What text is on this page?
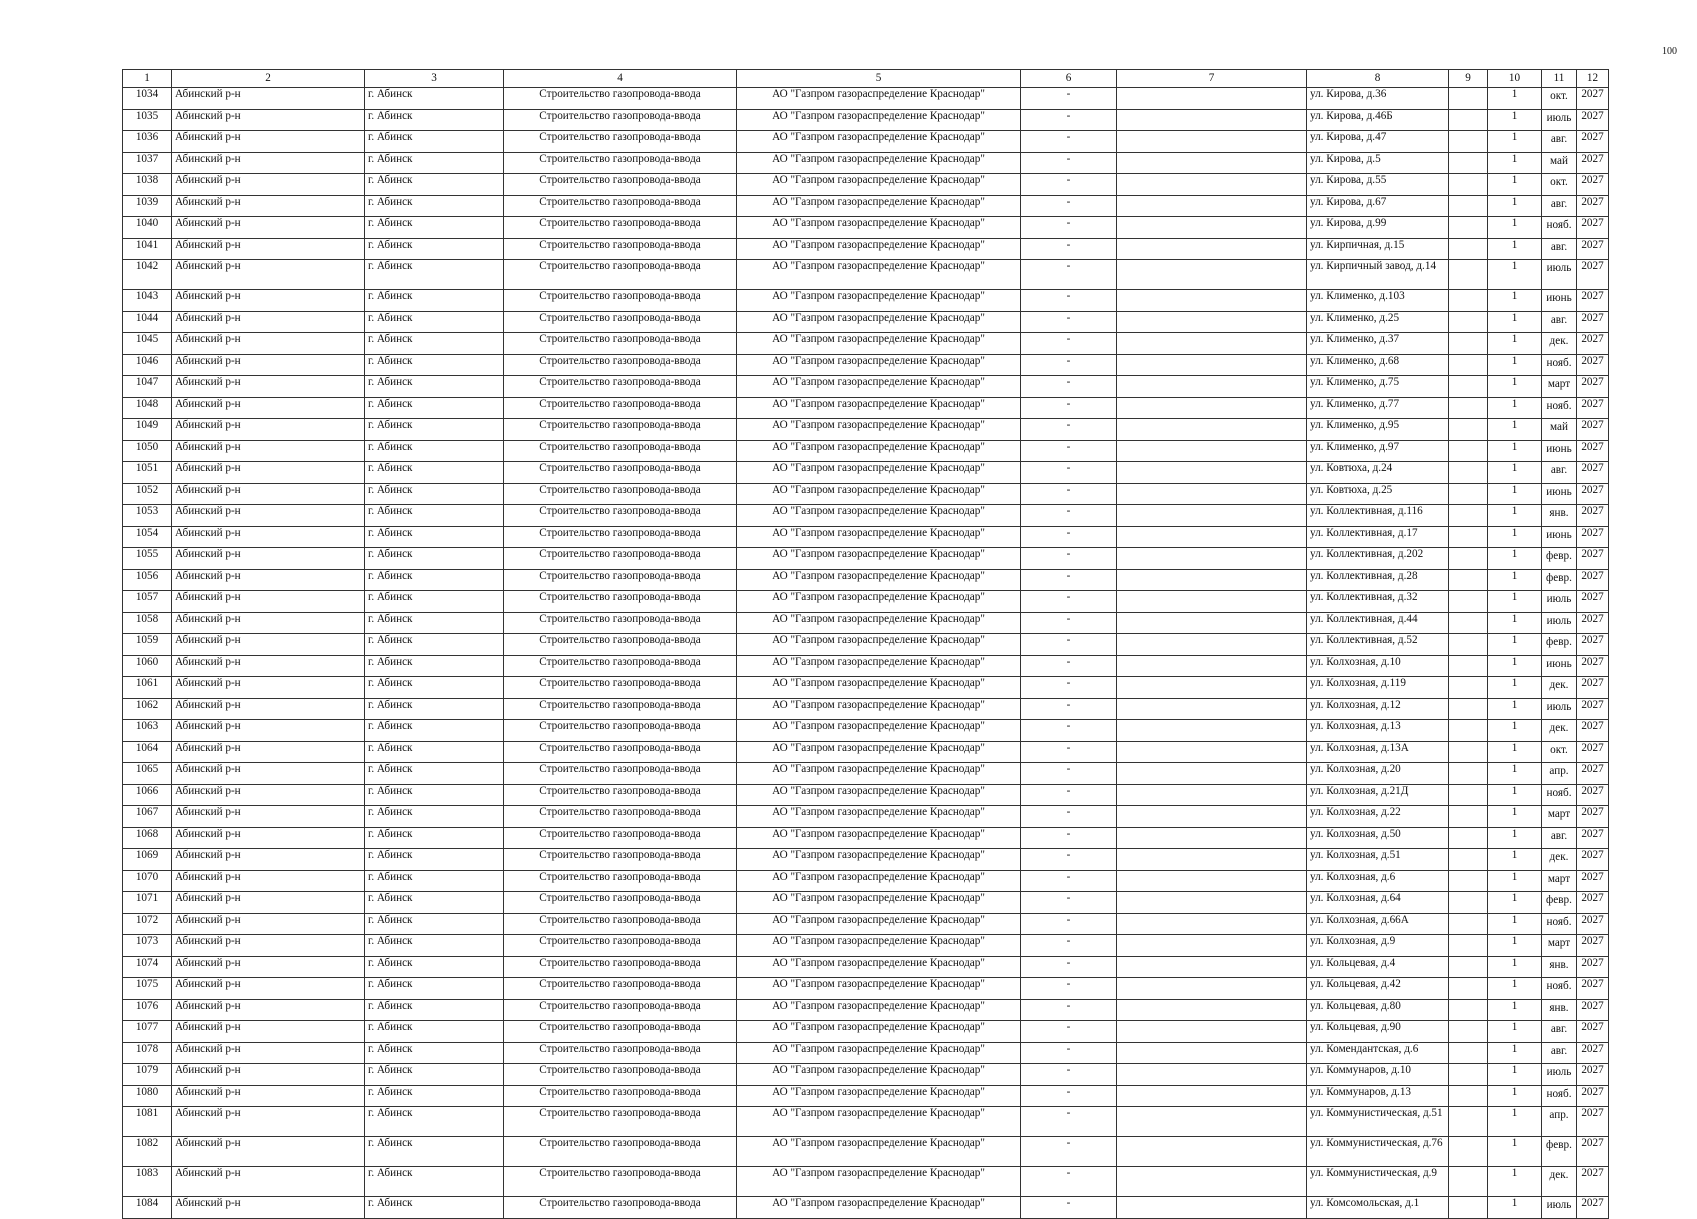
100
1	2	3	4	5	6	7	8	9	10	11	12
1034	Абинский р-н	г. Абинск	Строительство газопровода-ввода	АО "Газпром газораспределение Краснодар"	-		ул. Кирова, д.36		1	окт.	2027
1035	Абинский р-н	г. Абинск	Строительство газопровода-ввода	АО "Газпром газораспределение Краснодар"	-		ул. Кирова, д.46Б		1	июль	2027
1036	Абинский р-н	г. Абинск	Строительство газопровода-ввода	АО "Газпром газораспределение Краснодар"	-		ул. Кирова, д.47		1	авг.	2027
1037	Абинский р-н	г. Абинск	Строительство газопровода-ввода	АО "Газпром газораспределение Краснодар"	-		ул. Кирова, д.5		1	май	2027
1038	Абинский р-н	г. Абинск	Строительство газопровода-ввода	АО "Газпром газораспределение Краснодар"	-		ул. Кирова, д.55		1	окт.	2027
1039	Абинский р-н	г. Абинск	Строительство газопровода-ввода	АО "Газпром газораспределение Краснодар"	-		ул. Кирова, д.67		1	авг.	2027
1040	Абинский р-н	г. Абинск	Строительство газопровода-ввода	АО "Газпром газораспределение Краснодар"	-		ул. Кирова, д.99		1	нояб.	2027
1041	Абинский р-н	г. Абинск	Строительство газопровода-ввода	АО "Газпром газораспределение Краснодар"	-		ул. Кирпичная, д.15		1	авг.	2027
1042	Абинский р-н	г. Абинск	Строительство газопровода-ввода	АО "Газпром газораспределение Краснодар"	-		ул. Кирпичный завод, д.14		1	июль	2027
1043	Абинский р-н	г. Абинск	Строительство газопровода-ввода	АО "Газпром газораспределение Краснодар"	-		ул. Клименко, д.103		1	июнь	2027
1044	Абинский р-н	г. Абинск	Строительство газопровода-ввода	АО "Газпром газораспределение Краснодар"	-		ул. Клименко, д.25		1	авг.	2027
1045	Абинский р-н	г. Абинск	Строительство газопровода-ввода	АО "Газпром газораспределение Краснодар"	-		ул. Клименко, д.37		1	дек.	2027
1046	Абинский р-н	г. Абинск	Строительство газопровода-ввода	АО "Газпром газораспределение Краснодар"	-		ул. Клименко, д.68		1	нояб.	2027
1047	Абинский р-н	г. Абинск	Строительство газопровода-ввода	АО "Газпром газораспределение Краснодар"	-		ул. Клименко, д.75		1	март	2027
1048	Абинский р-н	г. Абинск	Строительство газопровода-ввода	АО "Газпром газораспределение Краснодар"	-		ул. Клименко, д.77		1	нояб.	2027
1049	Абинский р-н	г. Абинск	Строительство газопровода-ввода	АО "Газпром газораспределение Краснодар"	-		ул. Клименко, д.95		1	май	2027
1050	Абинский р-н	г. Абинск	Строительство газопровода-ввода	АО "Газпром газораспределение Краснодар"	-		ул. Клименко, д.97		1	июнь	2027
1051	Абинский р-н	г. Абинск	Строительство газопровода-ввода	АО "Газпром газораспределение Краснодар"	-		ул. Ковтюха, д.24		1	авг.	2027
1052	Абинский р-н	г. Абинск	Строительство газопровода-ввода	АО "Газпром газораспределение Краснодар"	-		ул. Ковтюха, д.25		1	июнь	2027
1053	Абинский р-н	г. Абинск	Строительство газопровода-ввода	АО "Газпром газораспределение Краснодар"	-		ул. Коллективная, д.116		1	янв.	2027
1054	Абинский р-н	г. Абинск	Строительство газопровода-ввода	АО "Газпром газораспределение Краснодар"	-		ул. Коллективная, д.17		1	июнь	2027
1055	Абинский р-н	г. Абинск	Строительство газопровода-ввода	АО "Газпром газораспределение Краснодар"	-		ул. Коллективная, д.202		1	февр.	2027
1056	Абинский р-н	г. Абинск	Строительство газопровода-ввода	АО "Газпром газораспределение Краснодар"	-		ул. Коллективная, д.28		1	февр.	2027
1057	Абинский р-н	г. Абинск	Строительство газопровода-ввода	АО "Газпром газораспределение Краснодар"	-		ул. Коллективная, д.32		1	июль	2027
1058	Абинский р-н	г. Абинск	Строительство газопровода-ввода	АО "Газпром газораспределение Краснодар"	-		ул. Коллективная, д.44		1	июль	2027
1059	Абинский р-н	г. Абинск	Строительство газопровода-ввода	АО "Газпром газораспределение Краснодар"	-		ул. Коллективная, д.52		1	февр.	2027
1060	Абинский р-н	г. Абинск	Строительство газопровода-ввода	АО "Газпром газораспределение Краснодар"	-		ул. Колхозная, д.10		1	июнь	2027
1061	Абинский р-н	г. Абинск	Строительство газопровода-ввода	АО "Газпром газораспределение Краснодар"	-		ул. Колхозная, д.119		1	дек.	2027
1062	Абинский р-н	г. Абинск	Строительство газопровода-ввода	АО "Газпром газораспределение Краснодар"	-		ул. Колхозная, д.12		1	июль	2027
1063	Абинский р-н	г. Абинск	Строительство газопровода-ввода	АО "Газпром газораспределение Краснодар"	-		ул. Колхозная, д.13		1	дек.	2027
1064	Абинский р-н	г. Абинск	Строительство газопровода-ввода	АО "Газпром газораспределение Краснодар"	-		ул. Колхозная, д.13А		1	окт.	2027
1065	Абинский р-н	г. Абинск	Строительство газопровода-ввода	АО "Газпром газораспределение Краснодар"	-		ул. Колхозная, д.20		1	апр.	2027
1066	Абинский р-н	г. Абинск	Строительство газопровода-ввода	АО "Газпром газораспределение Краснодар"	-		ул. Колхозная, д.21Д		1	нояб.	2027
1067	Абинский р-н	г. Абинск	Строительство газопровода-ввода	АО "Газпром газораспределение Краснодар"	-		ул. Колхозная, д.22		1	март	2027
1068	Абинский р-н	г. Абинск	Строительство газопровода-ввода	АО "Газпром газораспределение Краснодар"	-		ул. Колхозная, д.50		1	авг.	2027
1069	Абинский р-н	г. Абинск	Строительство газопровода-ввода	АО "Газпром газораспределение Краснодар"	-		ул. Колхозная, д.51		1	дек.	2027
1070	Абинский р-н	г. Абинск	Строительство газопровода-ввода	АО "Газпром газораспределение Краснодар"	-		ул. Колхозная, д.6		1	март	2027
1071	Абинский р-н	г. Абинск	Строительство газопровода-ввода	АО "Газпром газораспределение Краснодар"	-		ул. Колхозная, д.64		1	февр.	2027
1072	Абинский р-н	г. Абинск	Строительство газопровода-ввода	АО "Газпром газораспределение Краснодар"	-		ул. Колхозная, д.66А		1	нояб.	2027
1073	Абинский р-н	г. Абинск	Строительство газопровода-ввода	АО "Газпром газораспределение Краснодар"	-		ул. Колхозная, д.9		1	март	2027
1074	Абинский р-н	г. Абинск	Строительство газопровода-ввода	АО "Газпром газораспределение Краснодар"	-		ул. Кольцевая, д.4		1	янв.	2027
1075	Абинский р-н	г. Абинск	Строительство газопровода-ввода	АО "Газпром газораспределение Краснодар"	-		ул. Кольцевая, д.42		1	нояб.	2027
1076	Абинский р-н	г. Абинск	Строительство газопровода-ввода	АО "Газпром газораспределение Краснодар"	-		ул. Кольцевая, д.80		1	янв.	2027
1077	Абинский р-н	г. Абинск	Строительство газопровода-ввода	АО "Газпром газораспределение Краснодар"	-		ул. Кольцевая, д.90		1	авг.	2027
1078	Абинский р-н	г. Абинск	Строительство газопровода-ввода	АО "Газпром газораспределение Краснодар"	-		ул. Комендантская, д.6		1	авг.	2027
1079	Абинский р-н	г. Абинск	Строительство газопровода-ввода	АО "Газпром газораспределение Краснодар"	-		ул. Коммунаров, д.10		1	июль	2027
1080	Абинский р-н	г. Абинск	Строительство газопровода-ввода	АО "Газпром газораспределение Краснодар"	-		ул. Коммунаров, д.13		1	нояб.	2027
1081	Абинский р-н	г. Абинск	Строительство газопровода-ввода	АО "Газпром газораспределение Краснодар"	-		ул. Коммунистическая, д.51		1	апр.	2027
1082	Абинский р-н	г. Абинск	Строительство газопровода-ввода	АО "Газпром газораспределение Краснодар"	-		ул. Коммунистическая, д.76		1	февр.	2027
1083	Абинский р-н	г. Абинск	Строительство газопровода-ввода	АО "Газпром газораспределение Краснодар"	-		ул. Коммунистическая, д.9		1	дек.	2027
1084	Абинский р-н	г. Абинск	Строительство газопровода-ввода	АО "Газпром газораспределение Краснодар"	-		ул. Комсомольская, д.1		1	июль	2027
